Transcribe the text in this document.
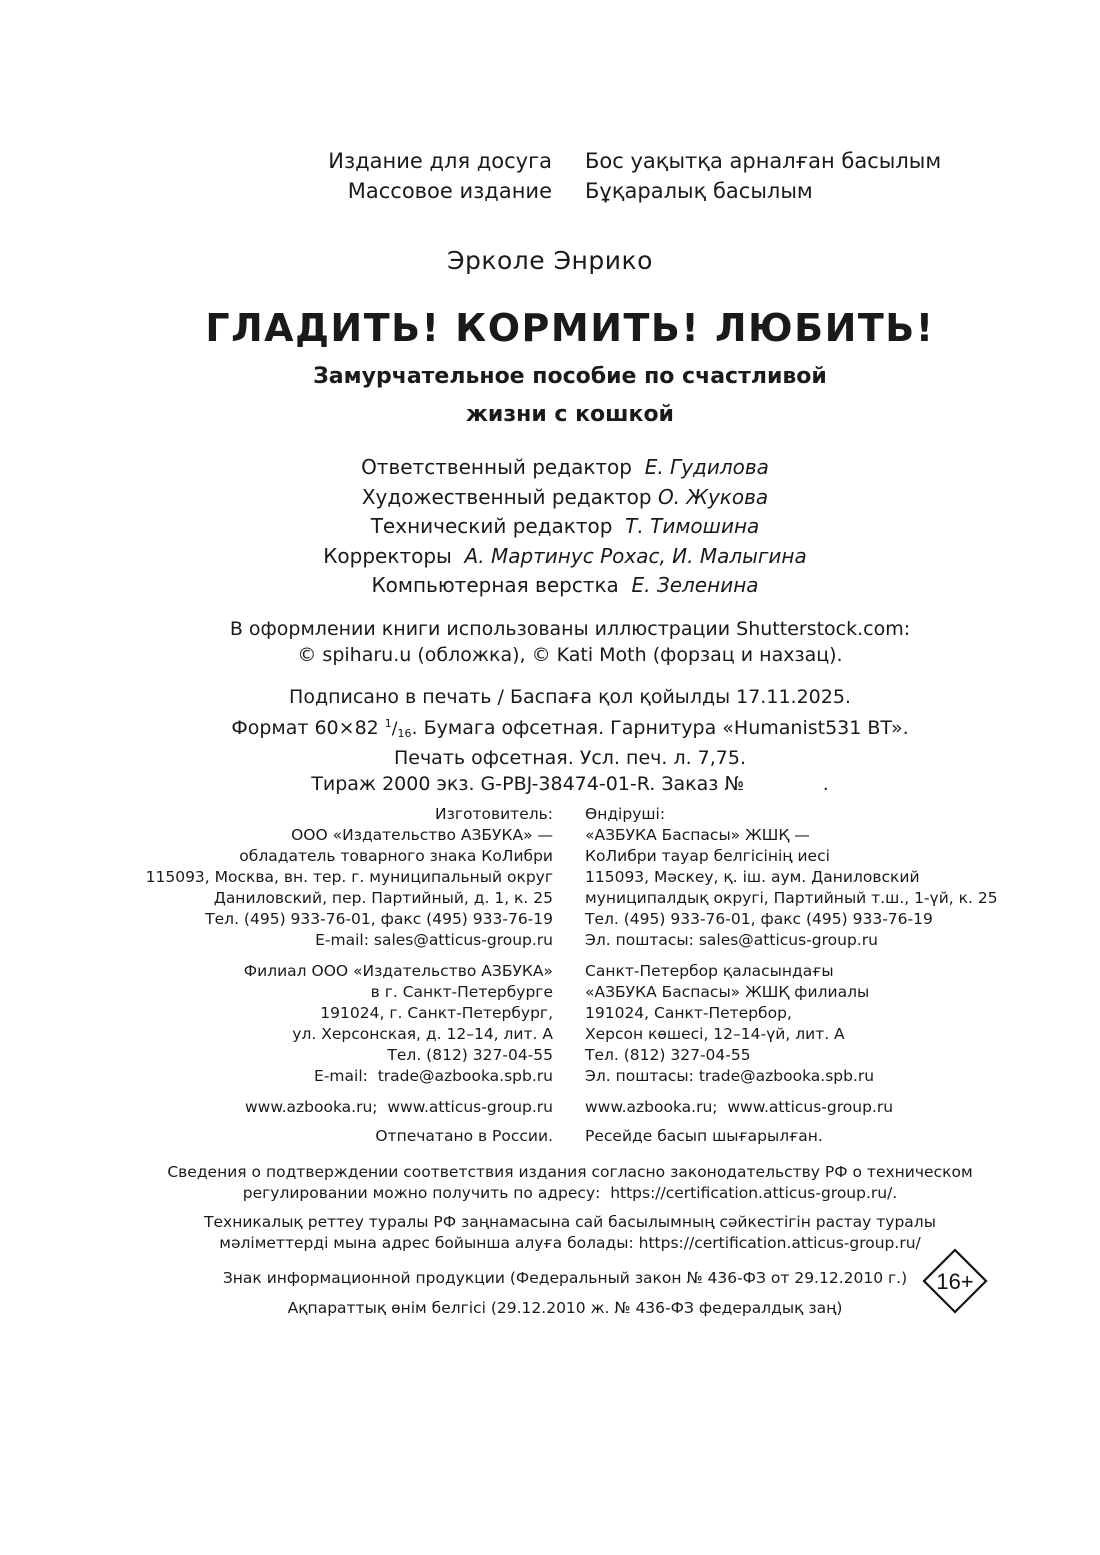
Издание для досуга Бос уақытқа арналған басылым
Массовое издание Бұқаралық басылым
Эрколе Энрико
ГЛАДИТЬ! КОРМИТЬ! ЛЮБИТЬ!
Замурчательное пособие по счастливой
жизни с кошкой
Ответственный редактор Е. Гудилова
Художественный редактор О. Жукова
Технический редактор Т. Тимошина
Корректоры А. Мартинус Рохас, И. Малыгина
Компьютерная верстка Е. Зеленина
В оформлении книги использованы иллюстрации Shutterstock.com:
© spiharu.u (обложка), © Kati Moth (форзац и нахзац).
Подписано в печать / Баспаға қол қойылды 17.11.2025.
Формат 60×82 $^1$/16. Бумага офсетная. Гарнитура «Humanist531 BT».
Печать офсетная. Усл. печ. л. 7,75.
Тираж 2000 экз. G-PBJ-38474-01-R. Заказ №             .
Изготовитель:
ООО «Издательство АЗБУКА» —
обладатель товарного знака КоЛибри
115093, Москва, вн. тер. г. муниципальный округ
Даниловский, пер. Партийный, д. 1, к. 25
Тел. (495) 933-76-01, факс (495) 933-76-19
E-mail: sales@atticus-group.ru
Өндіруші:
«АЗБУКА Баспасы» ЖШҚ —
КоЛибри тауар белгісінің иесі
115093, Мәскеу, қ. іш. аум. Даниловский
муниципалдық округі, Партийный т.ш., 1-үй, к. 25
Тел. (495) 933-76-01, факс (495) 933-76-19
Эл. поштасы: sales@atticus-group.ru
Филиал ООО «Издательство АЗБУКА»
в г. Санкт-Петербурге
191024, г. Санкт-Петербург,
ул. Херсонская, д. 12–14, лит. А
Тел. (812) 327-04-55
E-mail:  trade@azbooka.spb.ru
Санкт-Петербор қаласындағы
«АЗБУКА Баспасы» ЖШҚ филиалы
191024, Санкт-Петербор,
Херсон көшесі, 12–14-үй, лит. А
Тел. (812) 327-04-55
Эл. поштасы: trade@azbooka.spb.ru
www.azbooka.ru;  www.atticus-group.ru www.azbooka.ru;  www.atticus-group.ru
Отпечатано в России. Ресейде басып шығарылған.
Сведения о подтверждении соответствия издания согласно законодательству РФ о техническом
регулировании можно получить по адресу:  https://certification.atticus-group.ru/.
Техникалық реттеу туралы РФ заңнамасына сай басылымның сәйкестігін растау туралы
мәліметтерді мына адрес бойынша алуға болады: https://certification.atticus-group.ru/
Знак информационной продукции (Федеральный закон № 436-ФЗ от 29.12.2010 г.)
Ақпараттық өнім белгісі (29.12.2010 ж. № 436-ФЗ федералдық заң)
16+
